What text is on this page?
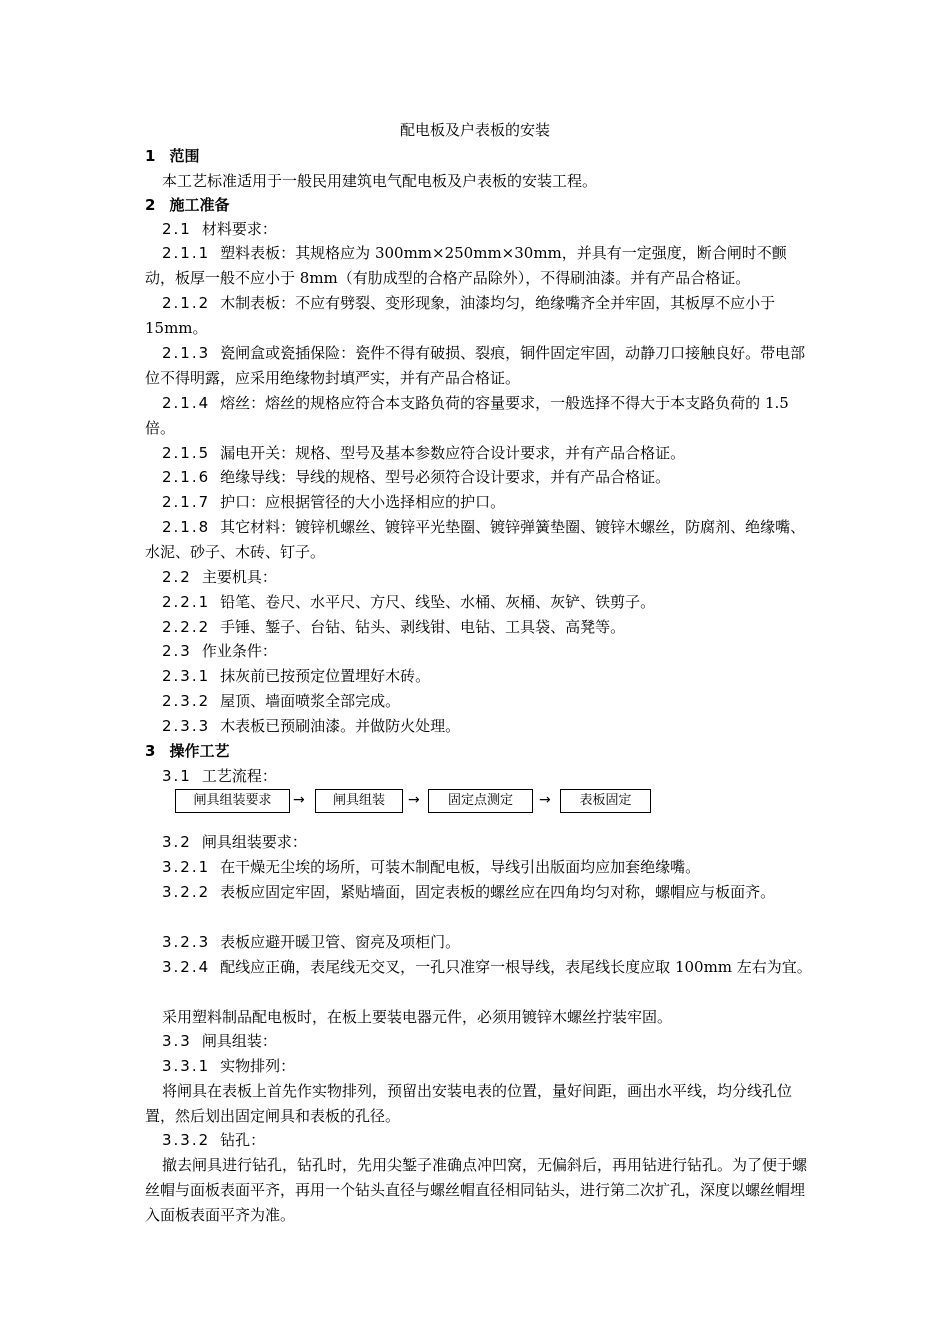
配电板及户表板的安装

1 范围

本工艺标准适用于一般民用建筑电气配电板及户表板的安装工程。

2 施工准备

2.1 材料要求：

2.1.1 塑料表板：其规格应为 300mm×250mm×30mm，并具有一定强度，断合闸时不颤动，板厚一般不应小于 8mm（有肋成型的合格产品除外），不得刷油漆。并有产品合格证。

2.1.2 木制表板：不应有劈裂、变形现象，油漆均匀，绝缘嘴齐全并牢固，其板厚不应小于 15mm。

2.1.3 瓷闸盒或瓷插保险：瓷件不得有破损、裂痕，铜件固定牢固，动静刀口接触良好。带电部位不得明露，应采用绝缘物封填严实，并有产品合格证。

2.1.4 熔丝：熔丝的规格应符合本支路负荷的容量要求，一般选择不得大于本支路负荷的 1.5 倍。

2.1.5 漏电开关：规格、型号及基本参数应符合设计要求，并有产品合格证。

2.1.6 绝缘导线：导线的规格、型号必须符合设计要求，并有产品合格证。

2.1.7 护口：应根据管径的大小选择相应的护口。

2.1.8 其它材料：镀锌机螺丝、镀锌平光垫圈、镀锌弹簧垫圈、镀锌木螺丝，防腐剂、绝缘嘴、水泥、砂子、木砖、钉子。

2.2 主要机具：

2.2.1 铅笔、卷尺、水平尺、方尺、线坠、水桶、灰桶、灰铲、铁剪子。

2.2.2 手锤、錾子、台钻、钻头、剥线钳、电钻、工具袋、高凳等。

2.3 作业条件：

2.3.1 抹灰前已按预定位置埋好木砖。

2.3.2 屋顶、墙面喷浆全部完成。

2.3.3 木表板已预刷油漆。并做防火处理。

3 操作工艺

3.1 工艺流程：

闸具组装要求	→	闸具组装	→	固定点测定	→	表板固定

3.2 闸具组装要求：

3.2.1 在干燥无尘埃的场所，可装木制配电板，导线引出版面均应加套绝缘嘴。

3.2.2 表板应固定牢固，紧贴墙面，固定表板的螺丝应在四角均匀对称，螺帽应与板面齐。

3.2.3 表板应避开暖卫管、窗亮及项柜门。

3.2.4 配线应正确，表尾线无交叉，一孔只准穿一根导线，表尾线长度应取 100mm 左右为宜。

采用塑料制品配电板时，在板上要装电器元件，必须用镀锌木螺丝拧装牢固。

3.3 闸具组装：

3.3.1 实物排列：

将闸具在表板上首先作实物排列，预留出安装电表的位置，量好间距，画出水平线，均分线孔位置，然后划出固定闸具和表板的孔径。

3.3.2 钻孔：

撤去闸具进行钻孔，钻孔时，先用尖錾子准确点冲凹窝，无偏斜后，再用钻进行钻孔。为了便于螺丝帽与面板表面平齐，再用一个钻头直径与螺丝帽直径相同钻头，进行第二次扩孔，深度以螺丝帽埋入面板表面平齐为准。
